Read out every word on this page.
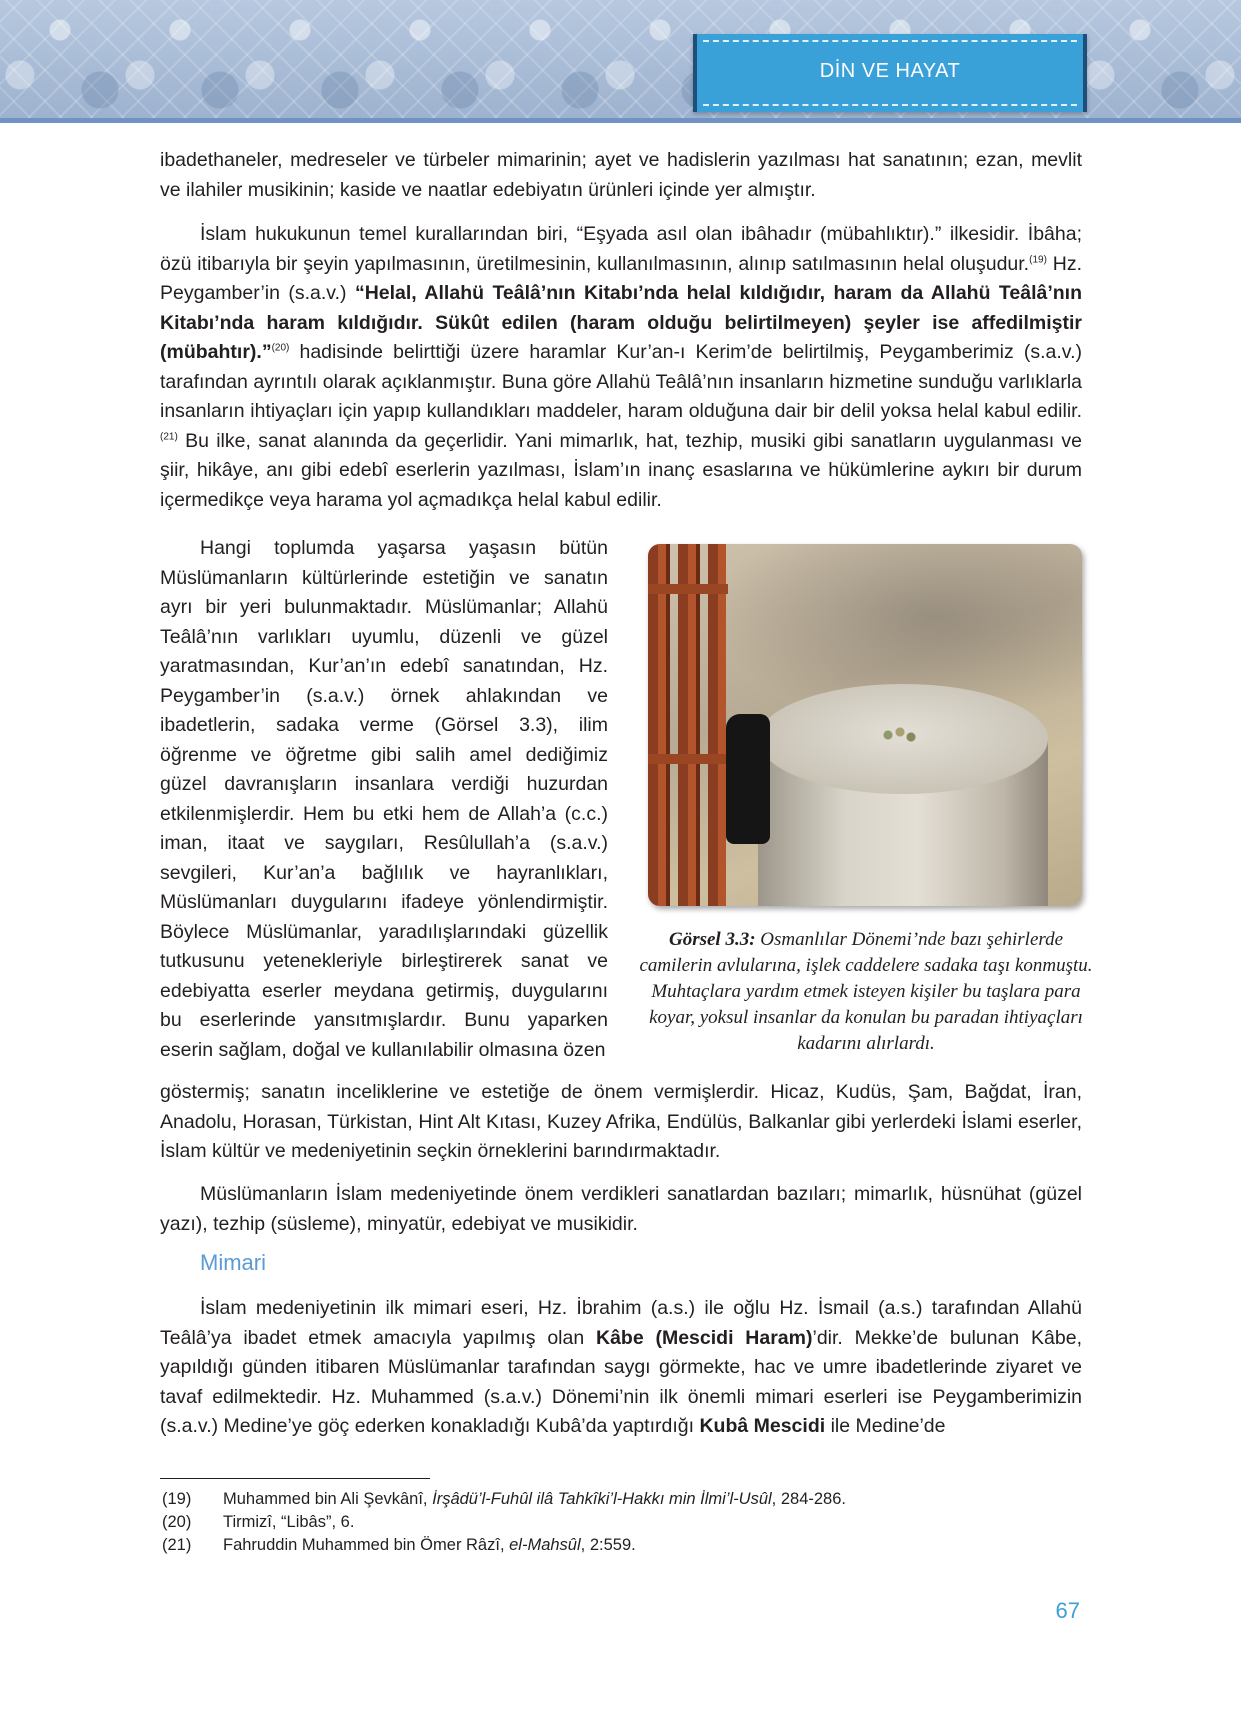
DİN VE HAYAT

ibadethaneler, medreseler ve türbeler mimarinin; ayet ve hadislerin yazılması hat sanatının; ezan, mevlit ve ilahiler musikinin; kaside ve naatlar edebiyatın ürünleri içinde yer almıştır.

İslam hukukunun temel kurallarından biri, “Eşyada asıl olan ibâhadır (mübahlıktır).” ilkesidir. İbâha; özü itibarıyla bir şeyin yapılmasının, üretilmesinin, kullanılmasının, alınıp satılmasının helal oluşudur.$^{(19)}$ Hz. Peygamber’in (s.a.v.) “Helal, Allahü Teâlâ’nın Kitabı’nda helal kıldığıdır, haram da Allahü Teâlâ’nın Kitabı’nda haram kıldığıdır. Sükût edilen (haram olduğu belirtilmeyen) şeyler ise affedilmiştir (mübahtır).”$^{(20)}$ hadisinde belirttiği üzere haramlar Kur’an-ı Kerim’de belirtilmiş, Peygamberimiz (s.a.v.) tarafından ayrıntılı olarak açıklanmıştır. Buna göre Allahü Teâlâ’nın insanların hizmetine sunduğu varlıklarla insanların ihtiyaçları için yapıp kullandıkları maddeler, haram olduğuna dair bir delil yoksa helal kabul edilir.$^{(21)}$ Bu ilke, sanat alanında da geçerlidir. Yani mimarlık, hat, tezhip, musiki gibi sanatların uygulanması ve şiir, hikâye, anı gibi edebî eserlerin yazılması, İslam’ın inanç esaslarına ve hükümlerine aykırı bir durum içermedikçe veya harama yol açmadıkça helal kabul edilir.

Hangi toplumda yaşarsa yaşasın bütün Müslümanların kültürlerinde estetiğin ve sanatın ayrı bir yeri bulunmaktadır. Müslümanlar; Allahü Teâlâ’nın varlıkları uyumlu, düzenli ve güzel yaratmasından, Kur’an’ın edebî sanatından, Hz. Peygamber’in (s.a.v.) örnek ahlakından ve ibadetlerin, sadaka verme (Görsel 3.3), ilim öğrenme ve öğretme gibi salih amel dediğimiz güzel davranışların insanlara verdiği huzurdan etkilenmişlerdir. Hem bu etki hem de Allah’a (c.c.) iman, itaat ve saygıları, Resûlullah’a (s.a.v.) sevgileri, Kur’an’a bağlılık ve hayranlıkları, Müslümanları duygularını ifadeye yönlendirmiştir. Böylece Müslümanlar, yaradılışlarındaki güzellik tutkusunu yetenekleriyle birleştirerek sanat ve edebiyatta eserler meydana getirmiş, duygularını bu eserlerinde yansıtmışlardır. Bunu yaparken eserin sağlam, doğal ve kullanılabilir olmasına özen

Görsel 3.3: Osmanlılar Dönemi’nde bazı şehirlerde camilerin avlularına, işlek caddelere sadaka taşı konmuştu. Muhtaçlara yardım etmek isteyen kişiler bu taşlara para koyar, yoksul insanlar da konulan bu paradan ihtiyaçları kadarını alırlardı.

göstermiş; sanatın inceliklerine ve estetiğe de önem vermişlerdir. Hicaz, Kudüs, Şam, Bağdat, İran, Anadolu, Horasan, Türkistan, Hint Alt Kıtası, Kuzey Afrika, Endülüs, Balkanlar gibi yerlerdeki İslami eserler, İslam kültür ve medeniyetinin seçkin örneklerini barındırmaktadır.

Müslümanların İslam medeniyetinde önem verdikleri sanatlardan bazıları; mimarlık, hüsnühat (güzel yazı), tezhip (süsleme), minyatür, edebiyat ve musikidir.

Mimari

İslam medeniyetinin ilk mimari eseri, Hz. İbrahim (a.s.) ile oğlu Hz. İsmail (a.s.) tarafından Allahü Teâlâ’ya ibadet etmek amacıyla yapılmış olan Kâbe (Mescidi Haram)’dir. Mekke’de bulunan Kâbe, yapıldığı günden itibaren Müslümanlar tarafından saygı görmekte, hac ve umre ibadetlerinde ziyaret ve tavaf edilmektedir. Hz. Muhammed (s.a.v.) Dönemi’nin ilk önemli mimari eserleri ise Peygamberimizin (s.a.v.) Medine’ye göç ederken konakladığı Kubâ’da yaptırdığı Kubâ Mescidi ile Medine’de

(19) Muhammed bin Ali Şevkânî, İrşâdü’l-Fuhûl ilâ Tahkîki’l-Hakkı min İlmi’l-Usûl, 284-286.
(20) Tirmizî, “Libâs”, 6.
(21) Fahruddin Muhammed bin Ömer Râzî, el-Mahsûl, 2:559.
67
